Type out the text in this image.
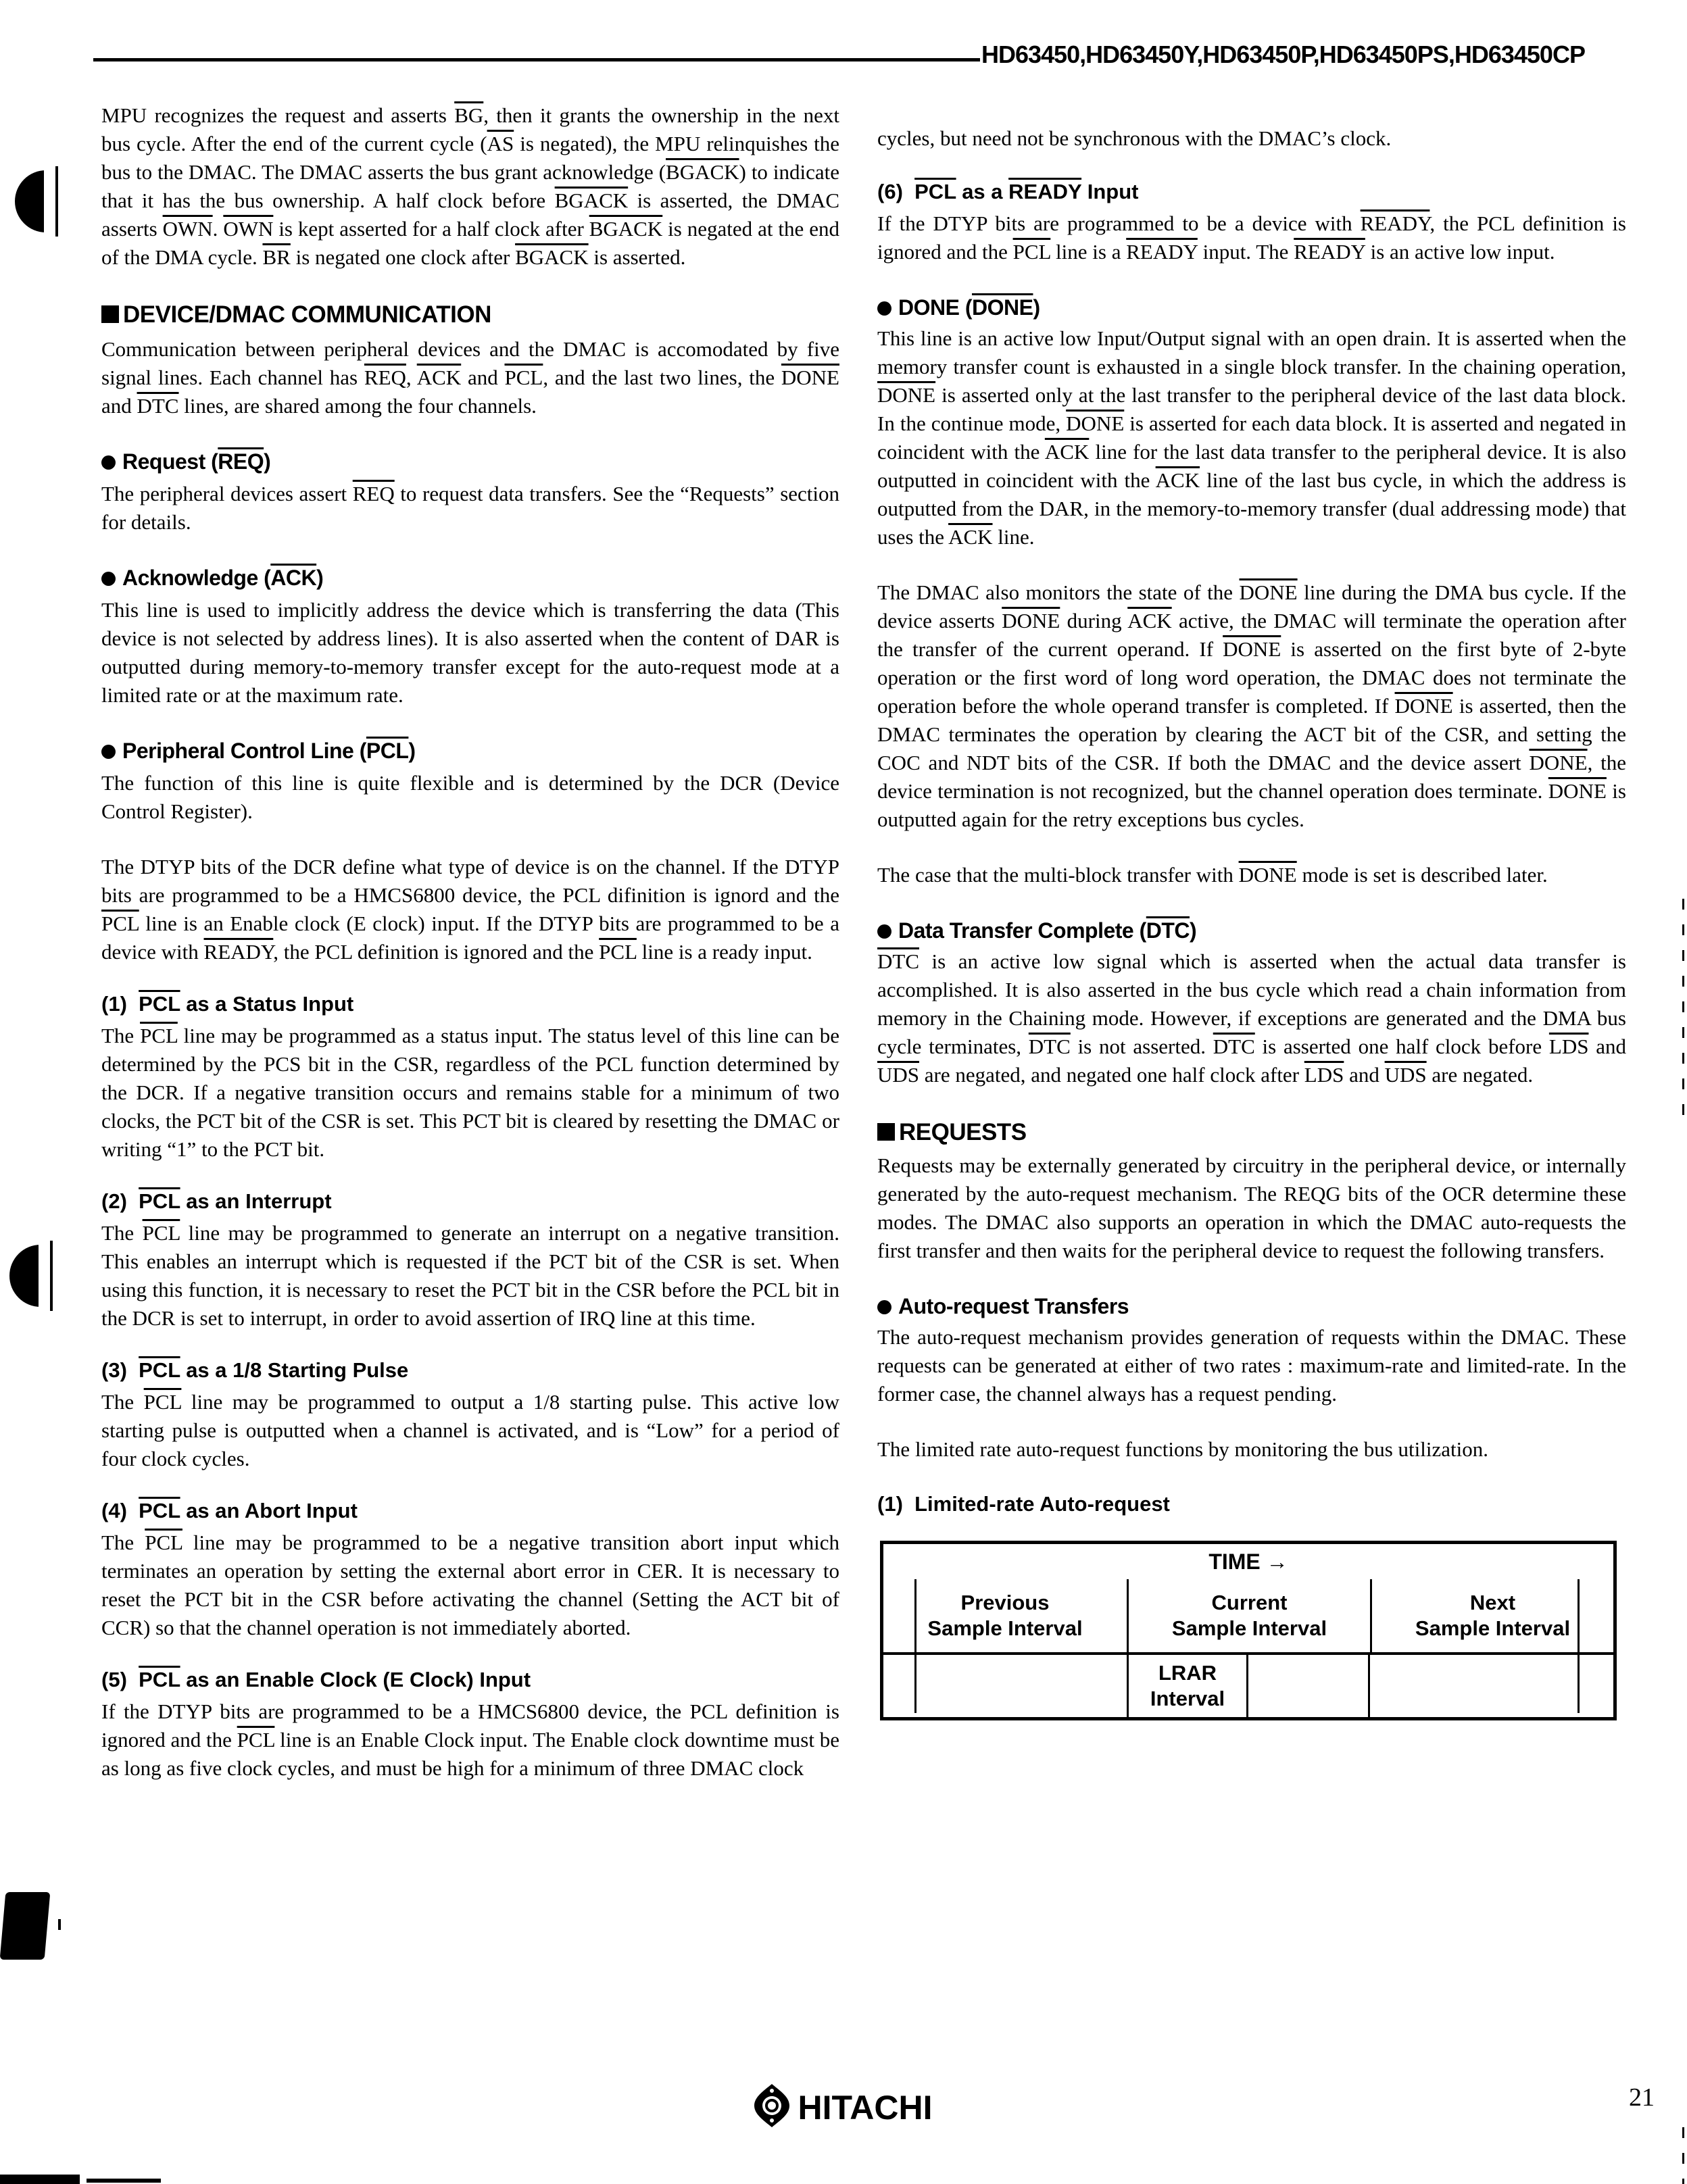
HD63450,HD63450Y,HD63450P,HD63450PS,HD63450CP

MPU recognizes the request and asserts $\overline{BG}$, then it grants the ownership in the next bus cycle. After the end of the current cycle ($\overline{AS}$ is negated), the MPU relinquishes the bus to the DMAC. The DMAC asserts the bus grant acknowledge (BGACK) to indicate that it has the bus ownership. A half clock before BGACK is asserted, the DMAC asserts $\overline{OWN}$. $\overline{OWN}$ is kept asserted for a half clock after BGACK is negated at the end of the DMA cycle. $\overline{BR}$ is negated one clock after BGACK is asserted.

DEVICE/DMAC COMMUNICATION

Communication between peripheral devices and the DMAC is accomodated by five signal lines. Each channel has $\overline{REQ}$, $\overline{ACK}$ and $\overline{PCL}$, and the last two lines, the DONE and $\overline{DTC}$ lines, are shared among the four channels.

Request $(\overline{REQ})$

The peripheral devices assert $\overline{REQ}$ to request data transfers. See the “Requests” section for details.

Acknowledge $(\overline{ACK})$

This line is used to implicitly address the device which is transferring the data (This device is not selected by address lines). It is also asserted when the content of DAR is outputted during memory-to-memory transfer except for the auto-request mode at a limited rate or at the maximum rate.

Peripheral Control Line $(\overline{PCL})$

The function of this line is quite flexible and is determined by the DCR (Device Control Register).

The DTYP bits of the DCR define what type of device is on the channel. If the DTYP bits are programmed to be a HMCS6800 device, the PCL difinition is ignord and the $\overline{PCL}$ line is an Enable clock (E clock) input. If the DTYP bits are programmed to be a device with READY, the PCL definition is ignored and the $\overline{PCL}$ line is a ready input.

(1)  $\overline{PCL}$ as a Status Input

The $\overline{PCL}$ line may be programmed as a status input. The status level of this line can be determined by the PCS bit in the CSR, regardless of the PCL function determined by the DCR. If a negative transition occurs and remains stable for a minimum of two clocks, the PCT bit of the CSR is set. This PCT bit is cleared by resetting the DMAC or writing “1” to the PCT bit.

(2)  $\overline{PCL}$ as an Interrupt

The $\overline{PCL}$ line may be programmed to generate an interrupt on a negative transition. This enables an interrupt which is requested if the PCT bit of the CSR is set. When using this function, it is necessary to reset the PCT bit in the CSR before the PCL bit in the DCR is set to interrupt, in order to avoid assertion of IRQ line at this time.

(3)  $\overline{PCL}$ as a 1/8 Starting Pulse

The $\overline{PCL}$ line may be programmed to output a 1/8 starting pulse. This active low starting pulse is outputted when a channel is activated, and is “Low” for a period of four clock cycles.

(4)  $\overline{PCL}$ as an Abort Input

The $\overline{PCL}$ line may be programmed to be a negative transition abort input which terminates an operation by setting the external abort error in CER. It is necessary to reset the PCT bit in the CSR before activating the channel (Setting the ACT bit of CCR) so that the channel operation is not immediately aborted.

(5)  $\overline{PCL}$ as an Enable Clock (E Clock) Input

If the DTYP bits are programmed to be a HMCS6800 device, the PCL definition is ignored and the $\overline{PCL}$ line is an Enable Clock input. The Enable clock downtime must be as long as five clock cycles, and must be high for a minimum of three DMAC clock

cycles, but need not be synchronous with the DMAC’s clock.

(6)  $\overline{PCL}$ as a READY Input

If the DTYP bits are programmed to be a device with READY, the PCL definition is ignored and the $\overline{PCL}$ line is a READY input. The READY is an active low input.

DONE (DONE)

This line is an active low Input/Output signal with an open drain. It is asserted when the memory transfer count is exhausted in a single block transfer. In the chaining operation, DONE is asserted only at the last transfer to the peripheral device of the last data block. In the continue mode, DONE is asserted for each data block. It is asserted and negated in coincident with the $\overline{ACK}$ line for the last data transfer to the peripheral device. It is also outputted in coincident with the $\overline{ACK}$ line of the last bus cycle, in which the address is outputted from the DAR, in the memory-to-memory transfer (dual addressing mode) that uses the $\overline{ACK}$ line.

The DMAC also monitors the state of the DONE line during the DMA bus cycle. If the device asserts DONE during $\overline{ACK}$ active, the DMAC will terminate the operation after the transfer of the current operand. If DONE is asserted on the first byte of 2-byte operation or the first word of long word operation, the DMAC does not terminate the operation before the whole operand transfer is completed. If DONE is asserted, then the DMAC terminates the operation by clearing the ACT bit of the CSR, and setting the COC and NDT bits of the CSR. If both the DMAC and the device assert DONE, the device termination is not recognized, but the channel operation does terminate. DONE is outputted again for the retry exceptions bus cycles.

The case that the multi-block transfer with DONE mode is set is described later.

Data Transfer Complete $(\overline{DTC})$

$\overline{DTC}$ is an active low signal which is asserted when the actual data transfer is accomplished. It is also asserted in the bus cycle which read a chain information from memory in the Chaining mode. However, if exceptions are generated and the DMA bus cycle terminates, $\overline{DTC}$ is not asserted. $\overline{DTC}$ is asserted one half clock before $\overline{LDS}$ and $\overline{UDS}$ are negated, and negated one half clock after $\overline{LDS}$ and $\overline{UDS}$ are negated.

REQUESTS

Requests may be externally generated by circuitry in the peripheral device, or internally generated by the auto-request mechanism. The REQG bits of the OCR determine these modes. The DMAC also supports an operation in which the DMAC auto-requests the first transfer and then waits for the peripheral device to request the following transfers.

Auto-request Transfers

The auto-request mechanism provides generation of requests within the DMAC. These requests can be generated at either of two rates : maximum-rate and limited-rate. In the former case, the channel always has a request pending.

The limited rate auto-request functions by monitoring the bus utilization.

(1)  Limited-rate Auto-request
TIME →
Previous
Sample Interval
Current
Sample Interval
Next
Sample Interval
LRAR
Interval
HITACHI	21
